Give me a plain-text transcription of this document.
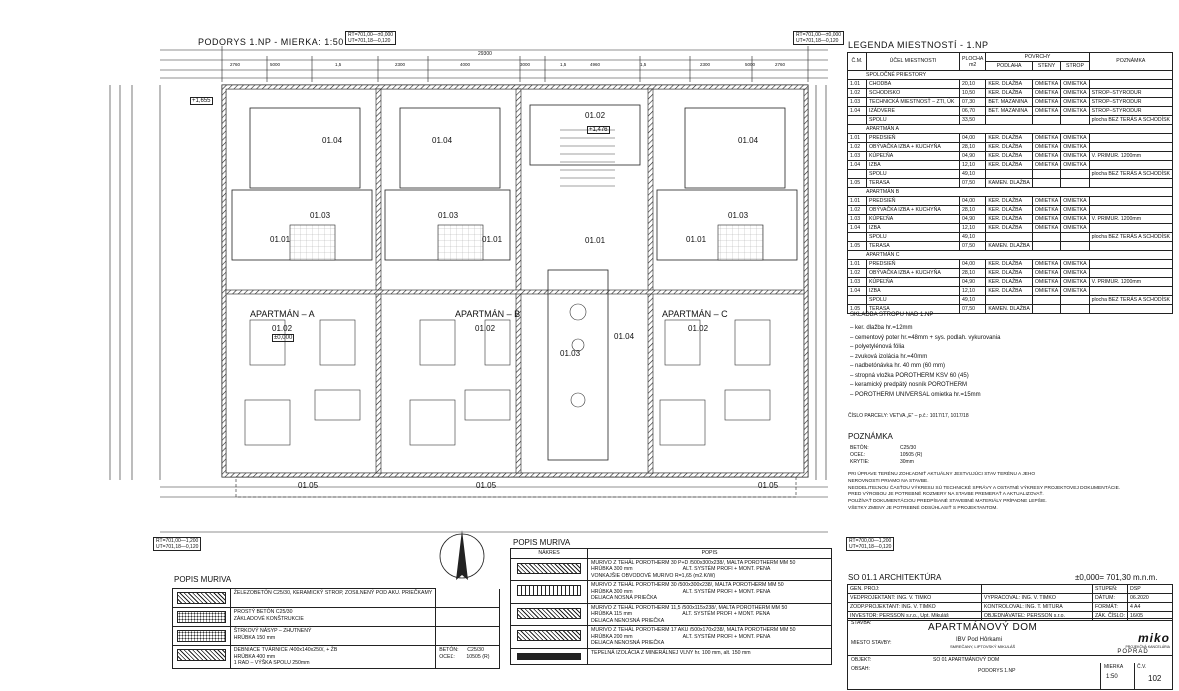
PODORYS 1.NP - MIERKA: 1:50
RT=701,00—±0,000
UT=701,18—0,120
RT=701,00—±0,000
UT=701,18—0,120
RT=701,00—1,200
UT=701,18—0,120
RT=700,00—1,200
UT=701,18—0,120
29300
01.04	01.04	01.04
01.02
+1,476
+1,655
01.03	01.03	01.03
01.01	01.01	01.01	01.01
APARTMÁN – A	APARTMÁN – B	APARTMÁN – C
01.02	01.02	01.02
±0,000
01.03
01.04
01.05	01.05	01.05
LEGENDA MIESTNOSTÍ - 1.NP
Č.M.	ÚČEL MIESTNOSTI	PLOCHA
m2	POVRCHY			POZNÁMKA
			PODLAHA	STENY	STROP	
SPOLOČNÉ PRIESTORY						
1.01	CHODBA	20,10	KER. DLAŽBA	OMIETKA	OMIETKA	
1.02	SCHODISKO	10,50	KER. DLAŽBA	OMIETKA	OMIETKA	STROP–STYRODUR
1.03	TECHNICKÁ MIESTNOSŤ – ZTI, ÚK	07,30	BET. MAZANINA	OMIETKA	OMIETKA	STROP–STYRODUR
1.04	IZÁDVERE	06,70	BET. MAZANINA	OMIETKA	OMIETKA	STROP–STYRODUR
	SPOLU	33,50				plocha BEZ TERÁS A SCHODÍSK
APARTMÁN A						
1.01	PREDSIEŇ	04,00	KER. DLAŽBA	OMIETKA	OMIETKA	
1.02	OBÝVAČKA IZBA + KUCHYŇA	28,10	KER. DLAŽBA	OMIETKA	OMIETKA	
1.03	KÚPEĽŇA	04,90	KER. DLAŽBA	OMIETKA	OMIETKA	V. PRIMUR. 1200mm
1.04	IZBA	12,10	KER. DLAŽBA	OMIETKA	OMIETKA	
	SPOLU	49,10				plocha BEZ TERÁS A SCHODÍSK
1.05	TERASA	07,50	KAMEN. DLAŽBA			
APARTMÁN B						
1.01	PREDSIEŇ	04,00	KER. DLAŽBA	OMIETKA	OMIETKA	
1.02	OBÝVAČKA IZBA + KUCHYŇA	28,10	KER. DLAŽBA	OMIETKA	OMIETKA	
1.03	KÚPEĽŇA	04,90	KER. DLAŽBA	OMIETKA	OMIETKA	V. PRIMUR. 1200mm
1.04	IZBA	12,10	KER. DLAŽBA	OMIETKA	OMIETKA	
	SPOLU	49,10				plocha BEZ TERÁS A SCHODÍSK
1.05	TERASA	07,50	KAMEN. DLAŽBA			
APARTMÁN C						
1.01	PREDSIEŇ	04,00	KER. DLAŽBA	OMIETKA	OMIETKA	
1.02	OBÝVAČKA IZBA + KUCHYŇA	28,10	KER. DLAŽBA	OMIETKA	OMIETKA	
1.03	KÚPEĽŇA	04,90	KER. DLAŽBA	OMIETKA	OMIETKA	V. PRIMUR. 1200mm
1.04	IZBA	12,10	KER. DLAŽBA	OMIETKA	OMIETKA	
	SPOLU	49,10				plocha BEZ TERÁS A SCHODÍSK
1.05	TERASA	07,50	KAMEN. DLAŽBA			
SKLADBA STROPU NAD 1.NP
– ker. dlažba hr.=12mm
– cementový poter hr.=48mm + sys. podlah. vykurovania
– polyetylénová fólia
– zvuková izolácia hr.=40mm
– nadbetónávka hr. 40 mm (60 mm)
– stropná vložka POROTHERM KSV 60 (45)
– keramický predpätý nosník POROTHERM
– POROTHERM UNIVERSAL omietka hr.=15mm
ČÍSLO PARCELY: VETVA „E“ – p.č.: 1017/17, 1017/18
POZNÁMKA
BETÓN:	C25/30
OCEĽ:	10505 (R)
KRYTIE:	30mm
PRI ÚPRAVE TERÉNU ZOHĽADNIŤ AKTUÁLNY JESTVUJÚCI STAV TERÉNU A JEHO
NEROVNOSTI PRIAMO NA STAVBE.
NEODELITEĽNOU ČASŤOU VÝKRESU SÚ TECHNICKÉ SPRÁVY A OSTATNÉ VÝKRESY PROJEKTOVEJ DOKUMENTÁCIE.
PRED VÝROBOU JE POTREBNÉ ROZMERY NA STAVBE PREMERAŤ A AKTUALIZOVAŤ.
POUŽÍVAŤ DOKUMENTÁCIOU PREDPÍSANÉ STAVEBNÉ MATERIÁLY PRÍPADNE LEPŠIE.
VŠETKY ZMENY JE POTREBNÉ ODSÚHLASIŤ S PROJEKTANTOM.
POPIS MURIVA
	ŽELEZOBETÓN C25/30, KERAMICKÝ STROP, ZOSILNENÝ POD AKU. PRIEČKAMY	

	PROSTÝ BETÓN C25/30
ZÁKLADOVÉ KONŠTRUKCIE	

	ŠTRKOVÝ NÁSYP – ZHUTNENÝ
HRÚBKA 150 mm	

	DEBNIACE TVÁRNICE /400x140x250/, + ŽB
HRÚBKA 400 mm
1 RAD – VÝŠKA SPOLU 250mm	BETÓN:      C25/30
OCEĽ:        10505 (R)
POPIS MURIVA
NÁKRES	POPIS

	MURIVO Z TEHÁL POROTHERM 30 P+D /500x300x238/, MALTA POROTHERM MM 50
HRÚBKA 300 mm                                   ALT. SYSTÉM PROFI + MONT. PENA
VONKAJŠIE OBVODOVÉ MURIVO R=1,65 (m2.K/W)

	MURIVO Z TEHÁL POROTHERM 30 /500x300x238/, MALTA POROTHERM MM 50
HRÚBKA 300 mm                                   ALT. SYSTÉM PROFI + MONT. PENA
DELIACA NOSNÁ PRIEČKA

	MURIVO Z TEHÁL POROTHERM 11,5 /500x115x238/, MALTA POROTHERM MM 50
HRÚBKA 115 mm                                   ALT. SYSTÉM PROFI + MONT. PENA
DELIACA NENOSNÁ PRIEČKA

	MURIVO Z TEHÁL POROTHERM 17 AKU /500x170x238/, MALTA POROTHERM MM 50
HRÚBKA 200 mm                                   ALT. SYSTÉM PROFI + MONT. PENA
DELIACA NENOSNÁ PRIEČKA

	TEPELNÁ IZOLÁCIA Z MINERÁLNEJ VLNY hr. 100 mm, alt. 150 mm
SO 01.1 ARCHITEKTÚRA	±0,000= 701,30 m.n.m.
GEN. PROJ:		STUPEŇ:	DSP
VEDPROJEKTANT: ING. V. TIMKO	VYPRACOVAL: ING. V. TIMKO	DÁTUM:	06.2020
ZODP.PROJEKTANT: ING. V. TIMKO	KONTROLOVAL: ING. T. MITURA	FORMÁT:	4 A4
INVESTOR: PERSSON s.r.o., Upt. Mikuláš	OBJEDNÁVATEĽ: PERSSON s.r.o.	ZÁK. ČÍSLO:	16/05
STAVBA:	APARTMÁNOVÝ DOM
MIESTO STAVBY:	IBV Pod Hôrkami
SMREČANY, LIPTOVSKÝ MIKULÁŠ
miko
PROJEKČNÁ KANCELÁRIA
POPRAD
OBJEKT:	SO 01 APARTMÁNOVÝ DOM
OBSAH:	PODORYS 1.NP
MIERKA
1:50
Č.V.
102
2760	5000	1,5	2300	4000	3000	1,5	4960	1,5	2300	5000	2760
